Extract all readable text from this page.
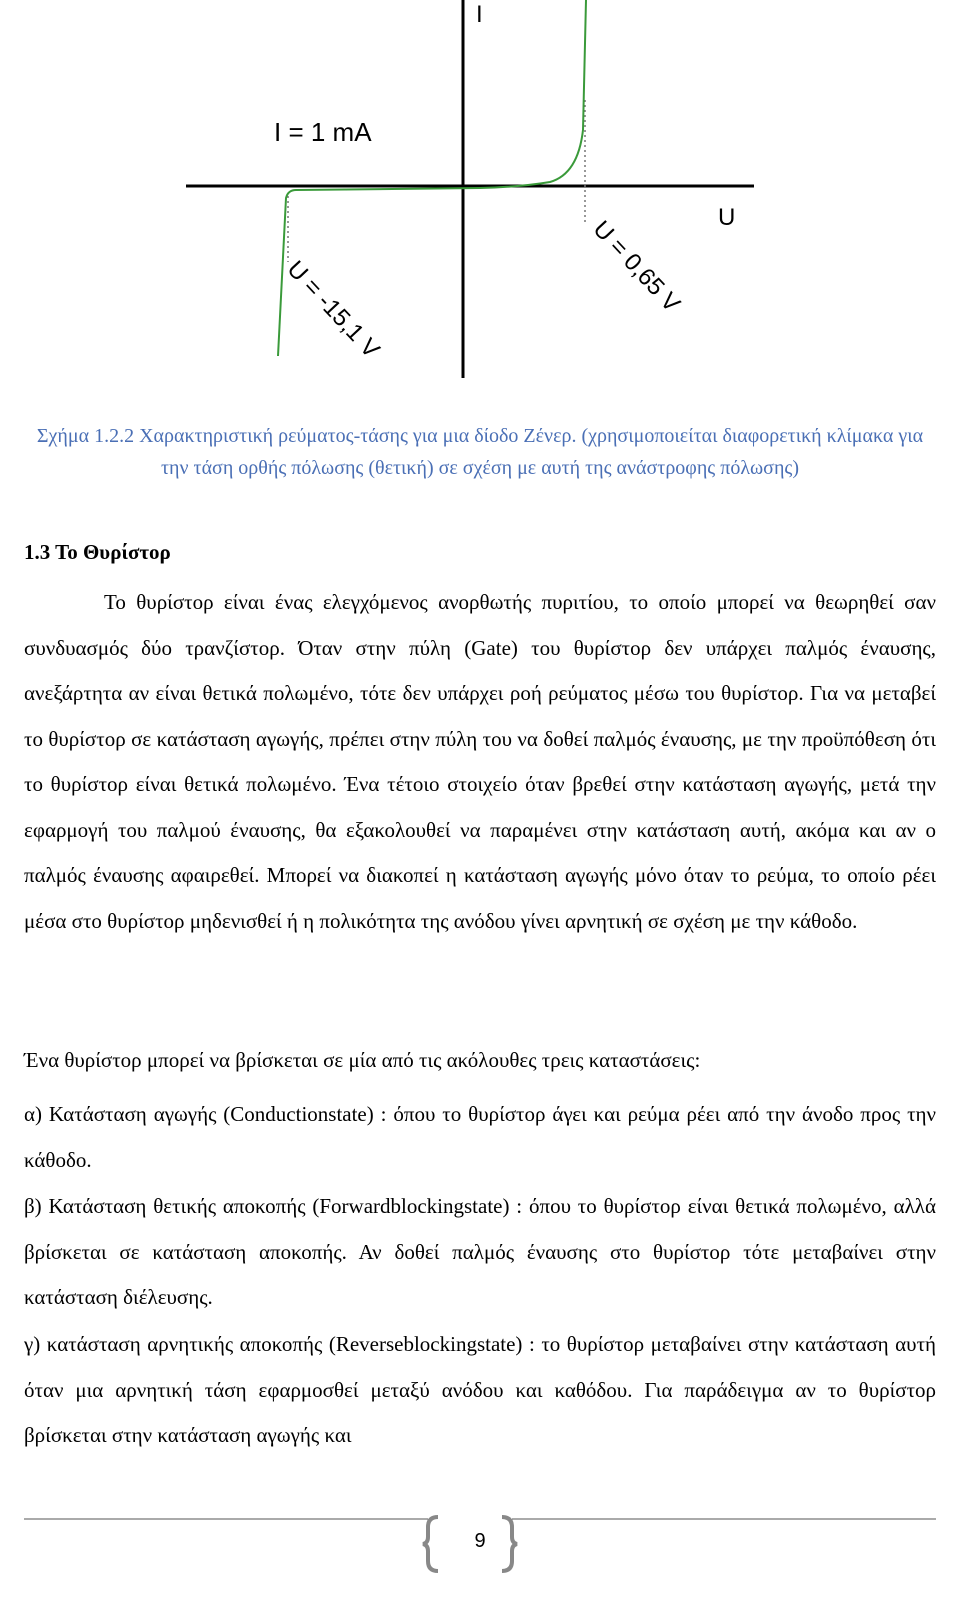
I
I = 1 mA
U
U = -15,1 V	U = 0,65 V
Σχήμα 1.2.2 Χαρακτηριστική ρεύματος-τάσης για μια δίοδο Ζένερ. (χρησιμοποιείται διαφορετική κλίμακα για την τάση ορθής πόλωσης (θετική) σε σχέση με αυτή της ανάστροφης πόλωσης)
1.3 Το Θυρίστορ

Το θυρίστορ είναι ένας ελεγχόμενος ανορθωτής πυριτίου, το οποίο μπορεί να θεωρηθεί σαν συνδυασμός δύο τρανζίστορ. Όταν στην πύλη (Gate) του θυρίστορ δεν υπάρχει παλμός έναυσης, ανεξάρτητα αν είναι θετικά πολωμένο, τότε δεν υπάρχει ροή ρεύματος μέσω του θυρίστορ. Για να μεταβεί το θυρίστορ σε κατάσταση αγωγής, πρέπει στην πύλη του να δοθεί παλμός έναυσης, με την προϋπόθεση ότι το θυρίστορ είναι θετικά πολωμένο. Ένα τέτοιο στοιχείο όταν βρεθεί στην κατάσταση αγωγής, μετά την εφαρμογή του παλμού έναυσης, θα εξακολουθεί να παραμένει στην κατάσταση αυτή, ακόμα και αν ο παλμός έναυσης αφαιρεθεί. Μπορεί να διακοπεί η κατάσταση αγωγής μόνο όταν το ρεύμα, το οποίο ρέει μέσα στο θυρίστορ μηδενισθεί ή η πολικότητα της ανόδου γίνει αρνητική σε σχέση με την κάθοδο.

Ένα θυρίστορ μπορεί να βρίσκεται σε μία από τις ακόλουθες τρεις καταστάσεις:

α) Κατάσταση αγωγής (Conductionstate) : όπου το θυρίστορ άγει και ρεύμα ρέει από την άνοδο προς την κάθοδο.

β) Κατάσταση θετικής αποκοπής (Forwardblockingstate) : όπου το θυρίστορ είναι θετικά πολωμένο, αλλά βρίσκεται σε κατάσταση αποκοπής. Αν δοθεί παλμός έναυσης στο θυρίστορ τότε μεταβαίνει στην κατάσταση διέλευσης.

γ) κατάσταση αρνητικής αποκοπής (Reverseblockingstate) : το θυρίστορ μεταβαίνει στην κατάσταση αυτή όταν μια αρνητική τάση εφαρμοσθεί μεταξύ ανόδου και καθόδου. Για παράδειγμα αν το θυρίστορ βρίσκεται στην κατάσταση αγωγής και

9
